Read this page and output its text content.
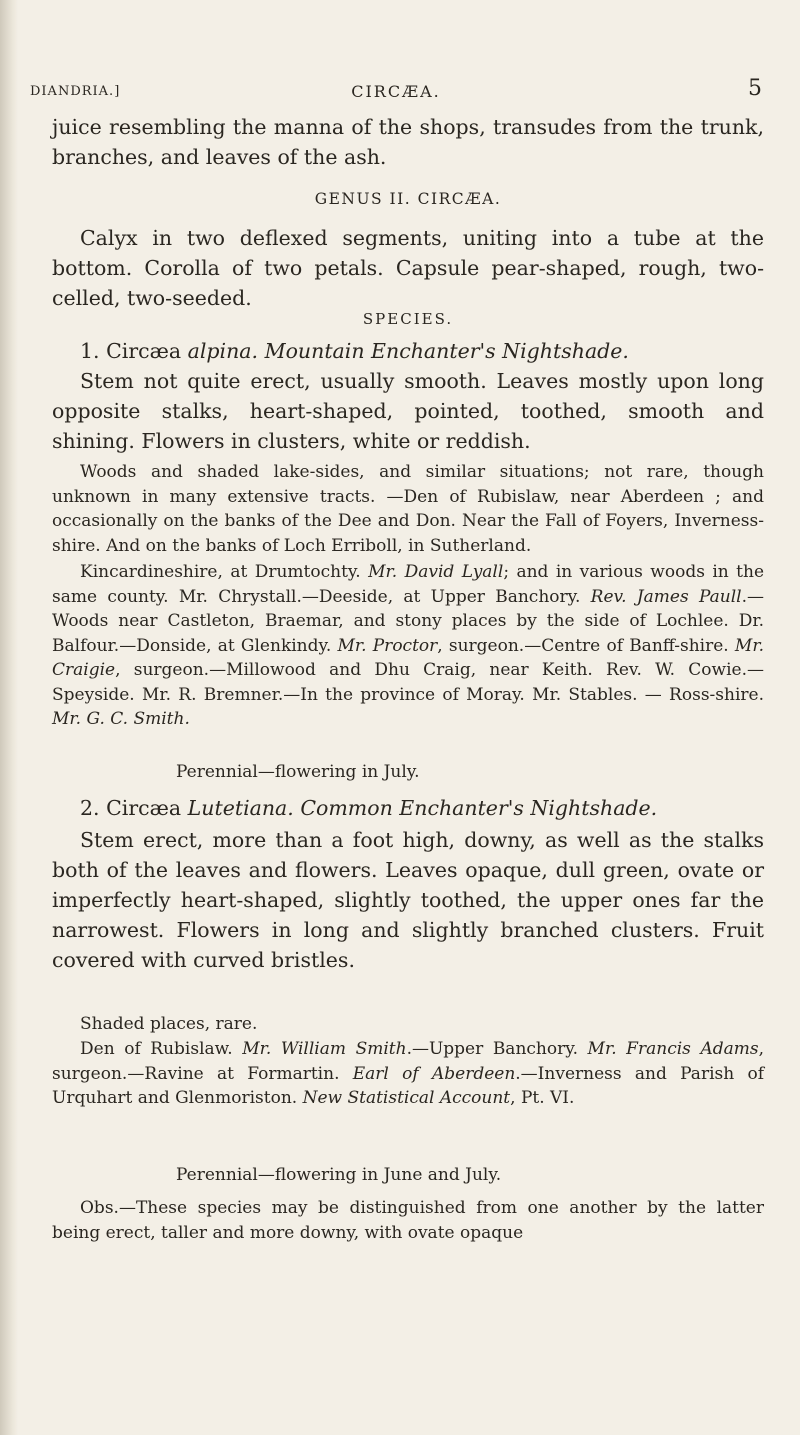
DIANDRIA.]	CIRCÆA.	5

juice resembling the manna of the shops, transudes from the trunk, branches, and leaves of the ash.

GENUS II. CIRCÆA.

Calyx in two deflexed segments, uniting into a tube at the bottom. Corolla of two petals. Capsule pear-shaped, rough, two-celled, two-seeded.

SPECIES.

1. Circæa alpina. Mountain Enchanter's Nightshade.

Stem not quite erect, usually smooth. Leaves mostly upon long opposite stalks, heart-shaped, pointed, toothed, smooth and shining. Flowers in clusters, white or reddish.

Woods and shaded lake-sides, and similar situations; not rare, though unknown in many extensive tracts. —Den of Rubislaw, near Aberdeen ; and occasionally on the banks of the Dee and Don. Near the Fall of Foyers, Inverness-shire. And on the banks of Loch Erriboll, in Sutherland.

Kincardineshire, at Drumtochty. Mr. David Lyall; and in various woods in the same county. Mr. Chrystall.—Deeside, at Upper Banchory. Rev. James Paull.—Woods near Castleton, Braemar, and stony places by the side of Lochlee. Dr. Balfour.—Donside, at Glenkindy. Mr. Proctor, surgeon.—Centre of Banff-shire. Mr. Craigie, surgeon.—Millowood and Dhu Craig, near Keith. Rev. W. Cowie.—Speyside. Mr. R. Bremner.—In the province of Moray. Mr. Stables. — Ross-shire. Mr. G. C. Smith.

Perennial—flowering in July.

2. Circæa Lutetiana. Common Enchanter's Nightshade.

Stem erect, more than a foot high, downy, as well as the stalks both of the leaves and flowers. Leaves opaque, dull green, ovate or imperfectly heart-shaped, slightly toothed, the upper ones far the narrowest. Flowers in long and slightly branched clusters. Fruit covered with curved bristles.

Shaded places, rare.

Den of Rubislaw. Mr. William Smith.—Upper Banchory. Mr. Francis Adams, surgeon.—Ravine at Formartin. Earl of Aberdeen.—Inverness and Parish of Urquhart and Glenmoriston. New Statistical Account, Pt. VI.

Perennial—flowering in June and July.

Obs.—These species may be distinguished from one another by the latter being erect, taller and more downy, with ovate opaque
